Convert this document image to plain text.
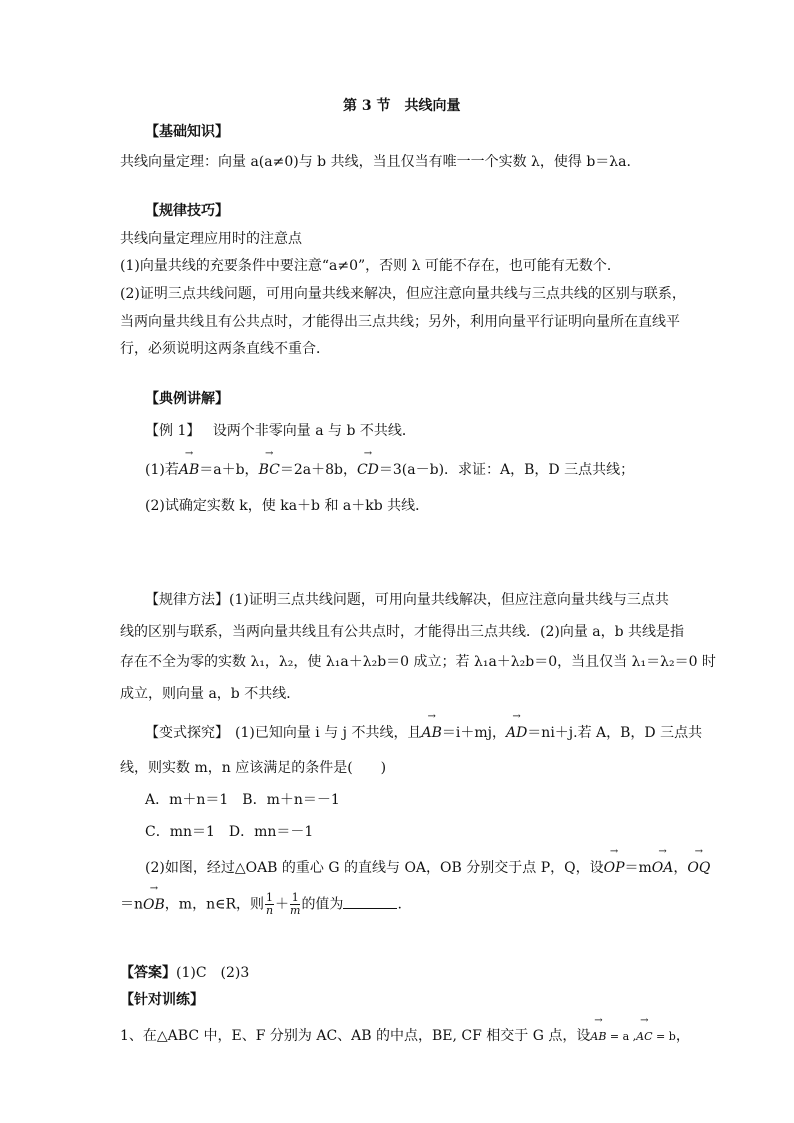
第 3 节　共线向量
【基础知识】
共线向量定理：向量 a(a≠0)与 b 共线，当且仅当有唯一一个实数 λ，使得 b＝λa.
【规律技巧】
共线向量定理应用时的注意点
(1)向量共线的充要条件中要注意“a≠0”，否则 λ 可能不存在，也可能有无数个．
(2)证明三点共线问题，可用向量共线来解决，但应注意向量共线与三点共线的区别与联系，
当两向量共线且有公共点时，才能得出三点共线；另外，利用向量平行证明向量所在直线平
行，必须说明这两条直线不重合．
【典例讲解】
【例 1】 设两个非零向量 a 与 b 不共线．
(1)若→ AB＝a＋b，→ BC＝2a＋8b，→ CD＝3(a－b)．求证：A，B，D 三点共线；
(2)试确定实数 k，使 ka＋b 和 a＋kb 共线．
【规律方法】(1)证明三点共线问题，可用向量共线解决，但应注意向量共线与三点共
线的区别与联系，当两向量共线且有公共点时，才能得出三点共线．(2)向量 a，b 共线是指
存在不全为零的实数 λ₁，λ₂，使 λ₁a＋λ₂b＝0 成立；若 λ₁a＋λ₂b＝0，当且仅当 λ₁＝λ₂＝0 时
成立，则向量 a，b 不共线．
【变式探究】 (1)已知向量 i 与 j 不共线，且→ AB＝i＋mj，→ AD＝ni＋j.若 A，B，D 三点共
线，则实数 m，n 应该满足的条件是(　　)
A．m＋n＝1　B．m＋n＝－1
C．mn＝1　D．mn＝－1
(2)如图，经过△OAB 的重心 G 的直线与 OA，OB 分别交于点 P，Q，设→ OP＝m→ OA，→ OQ
＝n→ OB，m，n∈R，则 $\frac{1}{n} + \frac{1}{m}$ 的值为	.
【答案】(1)C　(2)3
【针对训练】
1、在△ABC 中，E、F 分别为 AC、AB 的中点，BE, CF 相交于 G 点，设→ AB = a ,→ AC = b，
